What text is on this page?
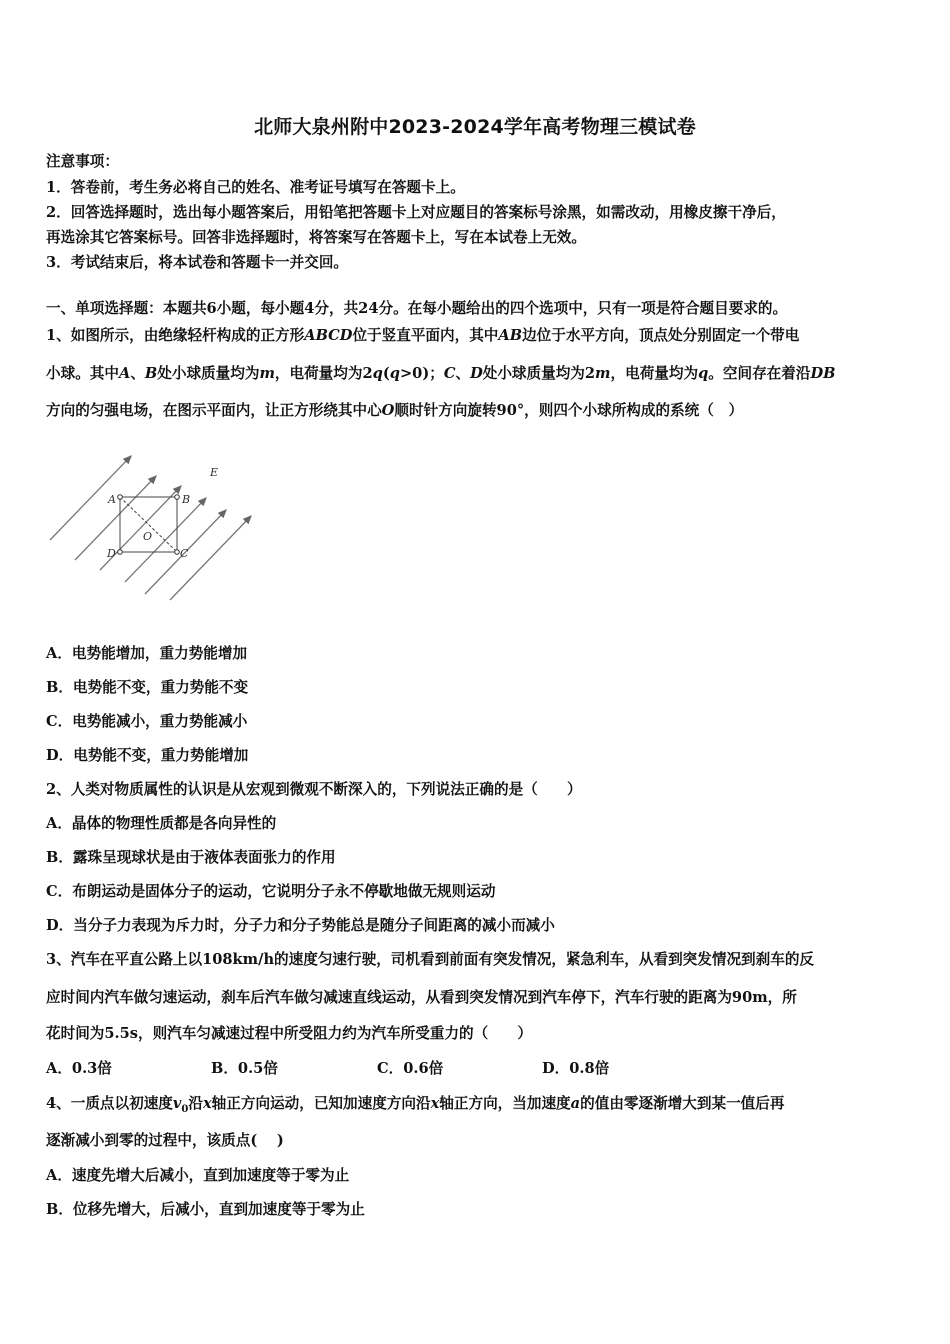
北师大泉州附中2023-2024学年高考物理三模试卷
注意事项：
1．答卷前，考生务必将自己的姓名、准考证号填写在答题卡上。
2．回答选择题时，选出每小题答案后，用铅笔把答题卡上对应题目的答案标号涂黑，如需改动，用橡皮擦干净后，
再选涂其它答案标号。回答非选择题时，将答案写在答题卡上，写在本试卷上无效。
3．考试结束后，将本试卷和答题卡一并交回。
一、单项选择题：本题共6小题，每小题4分，共24分。在每小题给出的四个选项中，只有一项是符合题目要求的。
1、如图所示，由绝缘轻杆构成的正方形ABCD位于竖直平面内，其中AB边位于水平方向，顶点处分别固定一个带电
小球。其中A、B处小球质量均为m，电荷量均为2q(q>0)；C、D处小球质量均为2m，电荷量均为q。空间存在着沿DB
方向的匀强电场，在图示平面内，让正方形绕其中心O顺时针方向旋转90°，则四个小球所构成的系统（　）
A	B
C
D
O
E
A．电势能增加，重力势能增加
B．电势能不变，重力势能不变
C．电势能减小，重力势能减小
D．电势能不变，重力势能增加
2、人类对物质属性的认识是从宏观到微观不断深入的，下列说法正确的是（　　）
A．晶体的物理性质都是各向异性的
B．露珠呈现球状是由于液体表面张力的作用
C．布朗运动是固体分子的运动，它说明分子永不停歇地做无规则运动
D．当分子力表现为斥力时，分子力和分子势能总是随分子间距离的减小而减小
3、汽车在平直公路上以108km/h的速度匀速行驶，司机看到前面有突发情况，紧急利车，从看到突发情况到刹车的反
应时间内汽车做匀速运动，刹车后汽车做匀减速直线运动，从看到突发情况到汽车停下，汽车行驶的距离为90m，所
花时间为5.5s，则汽车匀减速过程中所受阻力约为汽车所受重力的（　　）
A．0.3倍	B．0.5倍	C．0.6倍	D．0.8倍
4、一质点以初速度$v_0$沿x轴正方向运动，已知加速度方向沿x轴正方向，当加速度a的值由零逐渐增大到某一值后再
逐渐减小到零的过程中，该质点(　 )
A．速度先增大后减小，直到加速度等于零为止
B．位移先增大，后减小，直到加速度等于零为止
